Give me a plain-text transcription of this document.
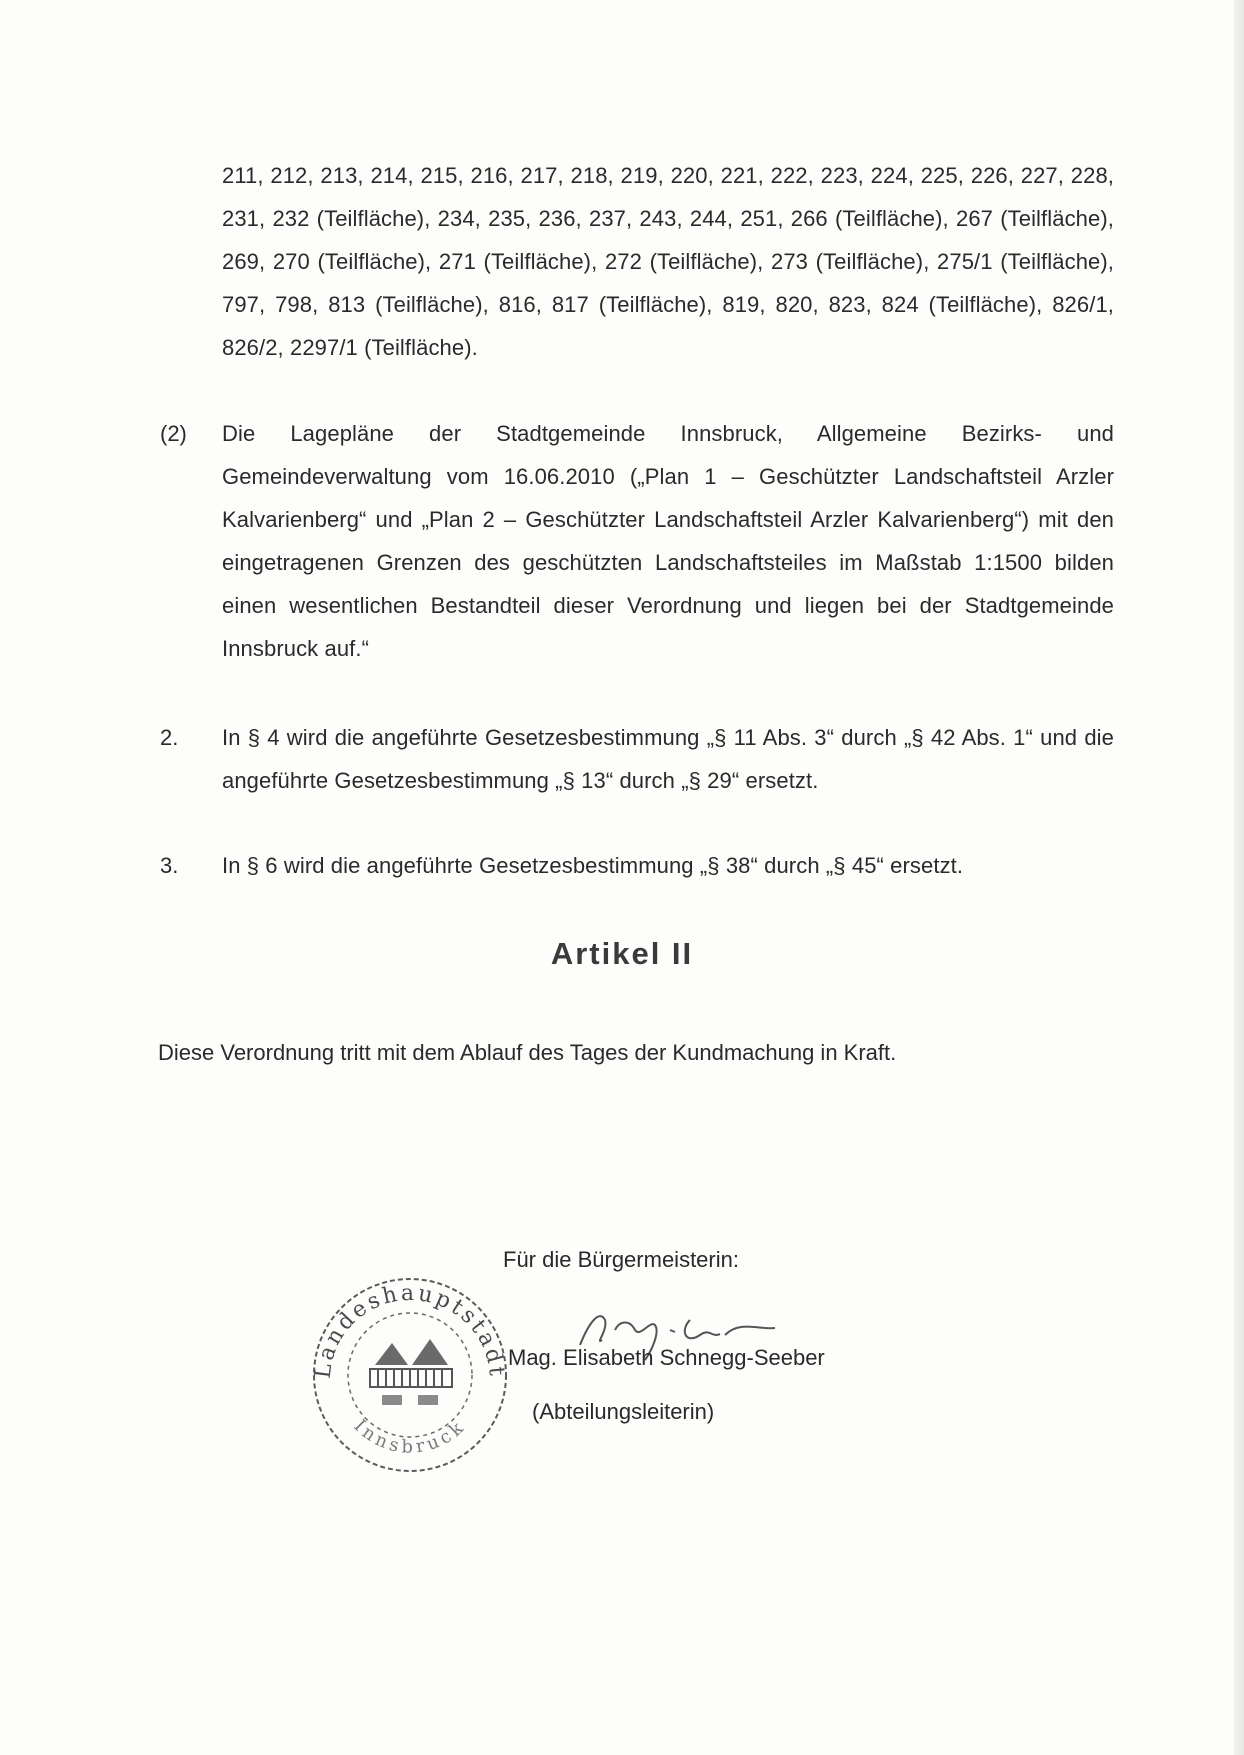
211, 212, 213, 214, 215, 216, 217, 218, 219, 220, 221, 222, 223, 224, 225, 226, 227, 228, 231, 232 (Teilfläche), 234, 235, 236, 237, 243, 244, 251, 266 (Teilfläche), 267 (Teilfläche), 269, 270 (Teilfläche), 271 (Teilfläche), 272 (Teilfläche), 273 (Teilfläche), 275/1 (Teilfläche), 797, 798, 813 (Teilfläche), 816, 817 (Teilfläche), 819, 820, 823, 824 (Teilfläche), 826/1, 826/2, 2297/1 (Teilfläche).
(2) Die Lagepläne der Stadtgemeinde Innsbruck, Allgemeine Bezirks- und Gemeindeverwaltung vom 16.06.2010 („Plan 1 – Geschützter Landschaftsteil Arzler Kalvarienberg“ und „Plan 2 – Geschützter Landschaftsteil Arzler Kalvarienberg“) mit den eingetragenen Grenzen des geschützten Landschaftsteiles im Maßstab 1:1500 bilden einen wesentlichen Bestandteil dieser Verordnung und liegen bei der Stadtgemeinde Innsbruck auf.“
2. In § 4 wird die angeführte Gesetzesbestimmung „§ 11 Abs. 3“ durch „§ 42 Abs. 1“ und die angeführte Gesetzesbestimmung „§ 13“ durch „§ 29“ ersetzt.
3. In § 6 wird die angeführte Gesetzesbestimmung „§ 38“ durch „§ 45“ ersetzt.
Artikel II
Diese Verordnung tritt mit dem Ablauf des Tages der Kundmachung in Kraft.
Für die Bürgermeisterin:
Landeshauptstadt
Innsbruck
Mag. Elisabeth Schnegg-Seeber
(Abteilungsleiterin)
